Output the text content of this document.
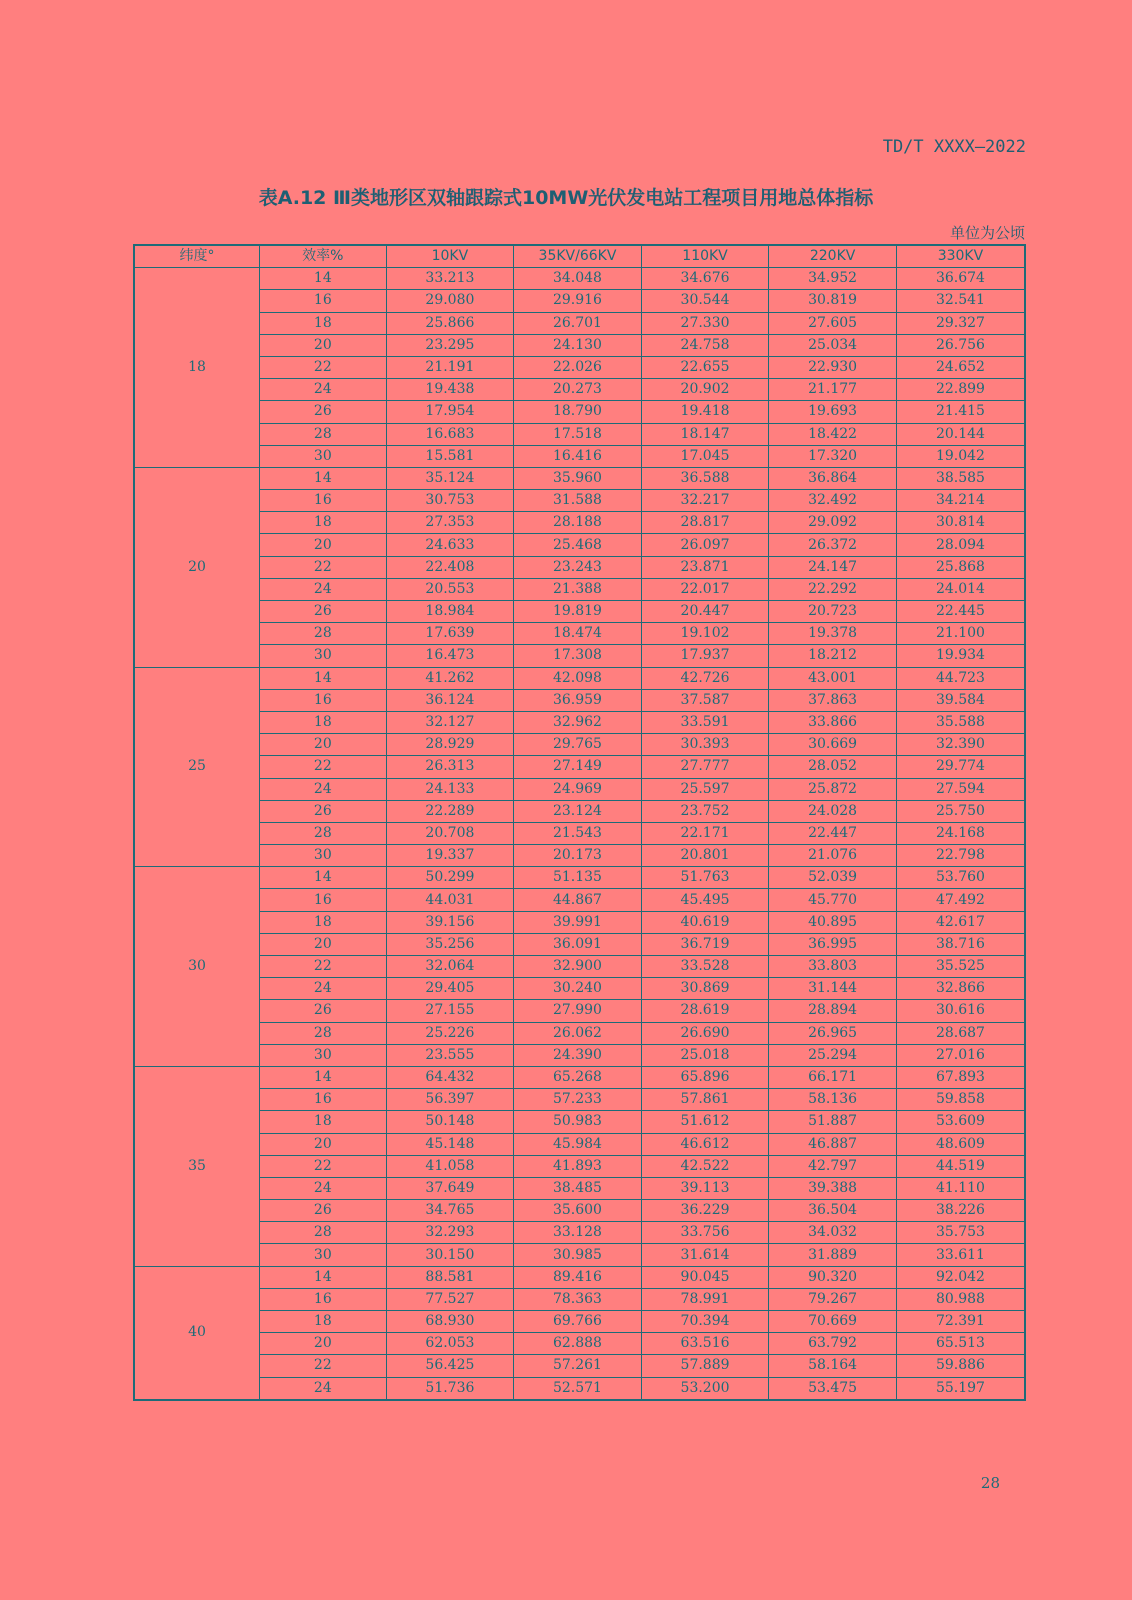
TD/T XXXX—2022
表A.12 Ⅲ类地形区双轴跟踪式10MW光伏发电站工程项目用地总体指标
单位为公顷
纬度°	效率%	10KV	35KV/66KV	110KV	220KV	330KV
18	14	33.213	34.048	34.676	34.952	36.674
	16	29.080	29.916	30.544	30.819	32.541
	18	25.866	26.701	27.330	27.605	29.327
	20	23.295	24.130	24.758	25.034	26.756
	22	21.191	22.026	22.655	22.930	24.652
	24	19.438	20.273	20.902	21.177	22.899
	26	17.954	18.790	19.418	19.693	21.415
	28	16.683	17.518	18.147	18.422	20.144
	30	15.581	16.416	17.045	17.320	19.042
20	14	35.124	35.960	36.588	36.864	38.585
	16	30.753	31.588	32.217	32.492	34.214
	18	27.353	28.188	28.817	29.092	30.814
	20	24.633	25.468	26.097	26.372	28.094
	22	22.408	23.243	23.871	24.147	25.868
	24	20.553	21.388	22.017	22.292	24.014
	26	18.984	19.819	20.447	20.723	22.445
	28	17.639	18.474	19.102	19.378	21.100
	30	16.473	17.308	17.937	18.212	19.934
25	14	41.262	42.098	42.726	43.001	44.723
	16	36.124	36.959	37.587	37.863	39.584
	18	32.127	32.962	33.591	33.866	35.588
	20	28.929	29.765	30.393	30.669	32.390
	22	26.313	27.149	27.777	28.052	29.774
	24	24.133	24.969	25.597	25.872	27.594
	26	22.289	23.124	23.752	24.028	25.750
	28	20.708	21.543	22.171	22.447	24.168
	30	19.337	20.173	20.801	21.076	22.798
30	14	50.299	51.135	51.763	52.039	53.760
	16	44.031	44.867	45.495	45.770	47.492
	18	39.156	39.991	40.619	40.895	42.617
	20	35.256	36.091	36.719	36.995	38.716
	22	32.064	32.900	33.528	33.803	35.525
	24	29.405	30.240	30.869	31.144	32.866
	26	27.155	27.990	28.619	28.894	30.616
	28	25.226	26.062	26.690	26.965	28.687
	30	23.555	24.390	25.018	25.294	27.016
35	14	64.432	65.268	65.896	66.171	67.893
	16	56.397	57.233	57.861	58.136	59.858
	18	50.148	50.983	51.612	51.887	53.609
	20	45.148	45.984	46.612	46.887	48.609
	22	41.058	41.893	42.522	42.797	44.519
	24	37.649	38.485	39.113	39.388	41.110
	26	34.765	35.600	36.229	36.504	38.226
	28	32.293	33.128	33.756	34.032	35.753
	30	30.150	30.985	31.614	31.889	33.611
40	14	88.581	89.416	90.045	90.320	92.042
	16	77.527	78.363	78.991	79.267	80.988
	18	68.930	69.766	70.394	70.669	72.391
	20	62.053	62.888	63.516	63.792	65.513
	22	56.425	57.261	57.889	58.164	59.886
	24	51.736	52.571	53.200	53.475	55.197
28
